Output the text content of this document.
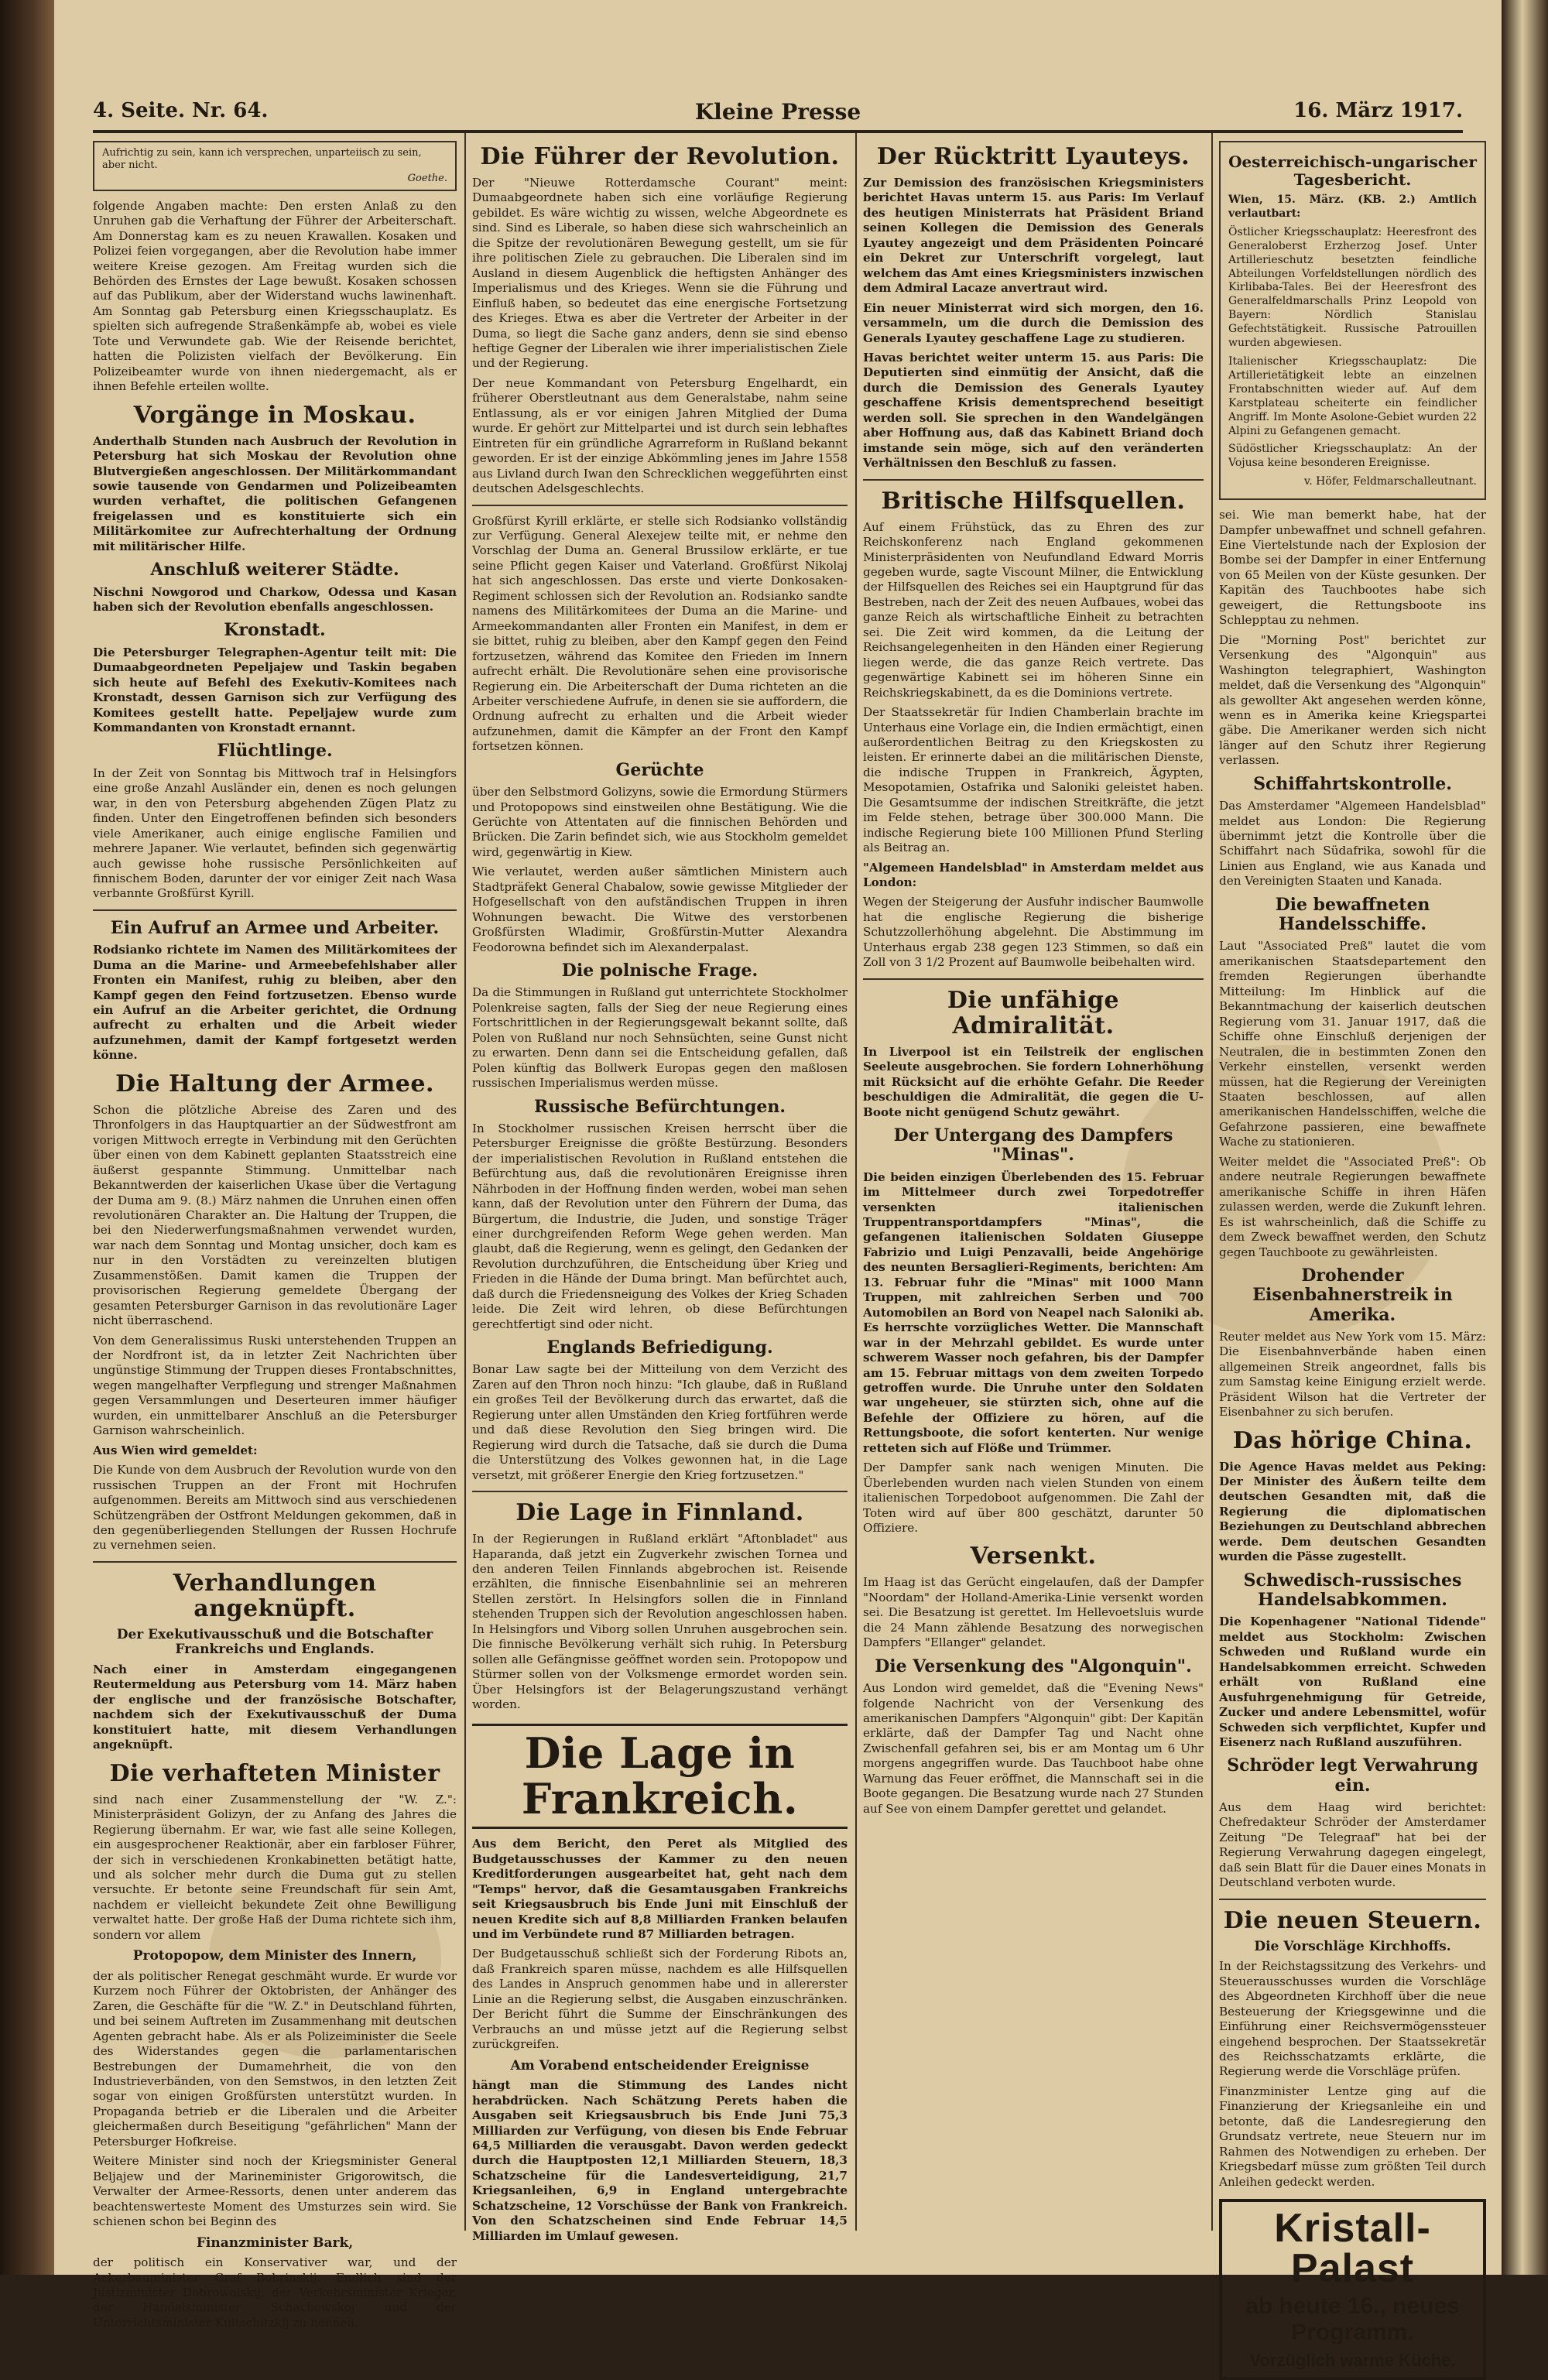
4. Seite. Nr. 64.	Kleine Presse	16. März 1917.
Aufrichtig zu sein, kann ich versprechen, unparteiisch zu sein, aber nicht.
Goethe.

folgende Angaben machte: Den ersten Anlaß zu den Unruhen gab die Verhaftung der Führer der Arbeiterschaft. Am Donnerstag kam es zu neuen Krawallen. Kosaken und Polizei feien vorgegangen, aber die Revolution habe immer weitere Kreise gezogen. Am Freitag wurden sich die Behörden des Ernstes der Lage bewußt. Kosaken schossen auf das Publikum, aber der Widerstand wuchs lawinenhaft. Am Sonntag gab Petersburg einen Kriegsschauplatz. Es spielten sich aufregende Straßenkämpfe ab, wobei es viele Tote und Verwundete gab. Wie der Reisende berichtet, hatten die Polizisten vielfach der Bevölkerung. Ein Polizeibeamter wurde von ihnen niedergemacht, als er ihnen Befehle erteilen wollte.

Vorgänge in Moskau.

Anderthalb Stunden nach Ausbruch der Revolution in Petersburg hat sich Moskau der Revolution ohne Blutvergießen angeschlossen. Der Militärkommandant sowie tausende von Gendarmen und Polizeibeamten wurden verhaftet, die politischen Gefangenen freigelassen und es konstituierte sich ein Militärkomitee zur Aufrechterhaltung der Ordnung mit militärischer Hilfe.

Anschluß weiterer Städte.

Nischni Nowgorod und Charkow, Odessa und Kasan haben sich der Revolution ebenfalls angeschlossen.

Kronstadt.

Die Petersburger Telegraphen-Agentur teilt mit: Die Dumaabgeordneten Pepeljajew und Taskin begaben sich heute auf Befehl des Exekutiv-Komitees nach Kronstadt, dessen Garnison sich zur Verfügung des Komitees gestellt hatte. Pepeljajew wurde zum Kommandanten von Kronstadt ernannt.

Flüchtlinge.

In der Zeit von Sonntag bis Mittwoch traf in Helsingfors eine große Anzahl Ausländer ein, denen es noch gelungen war, in den von Petersburg abgehenden Zügen Platz zu finden. Unter den Eingetroffenen befinden sich besonders viele Amerikaner, auch einige englische Familien und mehrere Japaner. Wie verlautet, befinden sich gegenwärtig auch gewisse hohe russische Persönlichkeiten auf finnischem Boden, darunter der vor einiger Zeit nach Wasa verbannte Großfürst Kyrill.

Ein Aufruf an Armee und Arbeiter.

Rodsianko richtete im Namen des Militärkomitees der Duma an die Marine- und Armeebefehlshaber aller Fronten ein Manifest, ruhig zu bleiben, aber den Kampf gegen den Feind fortzusetzen. Ebenso wurde ein Aufruf an die Arbeiter gerichtet, die Ordnung aufrecht zu erhalten und die Arbeit wieder aufzunehmen, damit der Kampf fortgesetzt werden könne.

Die Haltung der Armee.

Schon die plötzliche Abreise des Zaren und des Thronfolgers in das Hauptquartier an der Südwestfront am vorigen Mittwoch erregte in Verbindung mit den Gerüchten über einen von dem Kabinett geplanten Staatsstreich eine äußerst gespannte Stimmung. Unmittelbar nach Bekanntwerden der kaiserlichen Ukase über die Vertagung der Duma am 9. (8.) März nahmen die Unruhen einen offen revolutionären Charakter an. Die Haltung der Truppen, die bei den Niederwerfungsmaßnahmen verwendet wurden, war nach dem Sonntag und Montag unsicher, doch kam es nur in den Vorstädten zu vereinzelten blutigen Zusammenstößen. Damit kamen die Truppen der provisorischen Regierung gemeldete Übergang der gesamten Petersburger Garnison in das revolutionäre Lager nicht überraschend.

Von dem Generalissimus Ruski unterstehenden Truppen an der Nordfront ist, da in letzter Zeit Nachrichten über ungünstige Stimmung der Truppen dieses Frontabschnittes, wegen mangelhafter Verpflegung und strenger Maßnahmen gegen Versammlungen und Deserteuren immer häufiger wurden, ein unmittelbarer Anschluß an die Petersburger Garnison wahrscheinlich.

Aus Wien wird gemeldet:

Die Kunde von dem Ausbruch der Revolution wurde von den russischen Truppen an der Front mit Hochrufen aufgenommen. Bereits am Mittwoch sind aus verschiedenen Schützengräben der Ostfront Meldungen gekommen, daß in den gegenüberliegenden Stellungen der Russen Hochrufe zu vernehmen seien.

Verhandlungen angeknüpft.
Der Exekutivausschuß und die Botschafter Frankreichs und Englands.

Nach einer in Amsterdam eingegangenen Reutermeldung aus Petersburg vom 14. März haben der englische und der französische Botschafter, nachdem sich der Exekutivausschuß der Duma konstituiert hatte, mit diesem Verhandlungen angeknüpft.

Die verhafteten Minister

sind nach einer Zusammenstellung der "W. Z.": Ministerpräsident Golizyn, der zu Anfang des Jahres die Regierung übernahm. Er war, wie fast alle seine Kollegen, ein ausgesprochener Reaktionär, aber ein farbloser Führer, der sich in verschiedenen Kronkabinetten betätigt hatte, und als solcher mehr durch die Duma gut zu stellen versuchte. Er betonte seine Freundschaft für sein Amt, nachdem er vielleicht bekundete Zeit ohne Bewilligung verwaltet hatte. Der große Haß der Duma richtete sich ihm, sondern vor allem

Protopopow, dem Minister des Innern,

der als politischer Renegat geschmäht wurde. Er wurde vor Kurzem noch Führer der Oktobristen, der Anhänger des Zaren, die Geschäfte für die "W. Z." in Deutschland führten, und bei seinem Auftreten im Zusammenhang mit deutschen Agenten gebracht habe. Als er als Polizeiminister die Seele des Widerstandes gegen die parlamentarischen Bestrebungen der Dumamehrheit, die von den Industrieverbänden, von den Semstwos, in den letzten Zeit sogar von einigen Großfürsten unterstützt wurden. In Propaganda betrieb er die Liberalen und die Arbeiter gleichermaßen durch Beseitigung "gefährlichen" Mann der Petersburger Hofkreise.

Weitere Minister sind noch der Kriegsminister General Beljajew und der Marineminister Grigorowitsch, die Verwalter der Armee-Ressorts, denen unter anderem das beachtenswerteste Moment des Umsturzes sein wird. Sie schienen schon bei Beginn des

Finanzminister Bark,

der politisch ein Konservativer war, und der Ackerbauminister Graf Bobrinskij. Endlich sind der Justizminister Dobrowolskij, der Verkehrsminister Krieger, der Handelsminister Schachowskoj und der Unterrichtsminister Kultschitzkij zu nennen.

Die Führer der Revolution.

Der "Nieuwe Rotterdamsche Courant" meint: Dumaabgeordnete haben sich eine vorläufige Regierung gebildet. Es wäre wichtig zu wissen, welche Abgeordnete es sind. Sind es Liberale, so haben diese sich wahrscheinlich an die Spitze der revolutionären Bewegung gestellt, um sie für ihre politischen Ziele zu gebrauchen. Die Liberalen sind im Ausland in diesem Augenblick die heftigsten Anhänger des Imperialismus und des Krieges. Wenn sie die Führung und Einfluß haben, so bedeutet das eine energische Fortsetzung des Krieges. Etwa es aber die Vertreter der Arbeiter in der Duma, so liegt die Sache ganz anders, denn sie sind ebenso heftige Gegner der Liberalen wie ihrer imperialistischen Ziele und der Regierung.

Der neue Kommandant von Petersburg Engelhardt, ein früherer Oberstleutnant aus dem Generalstabe, nahm seine Entlassung, als er vor einigen Jahren Mitglied der Duma wurde. Er gehört zur Mittelpartei und ist durch sein lebhaftes Eintreten für ein gründliche Agrarreform in Rußland bekannt geworden. Er ist der einzige Abkömmling jenes im Jahre 1558 aus Livland durch Iwan den Schrecklichen weggeführten einst deutschen Adelsgeschlechts.

Großfürst Kyrill erklärte, er stelle sich Rodsianko vollständig zur Verfügung. General Alexejew teilte mit, er nehme den Vorschlag der Duma an. General Brussilow erklärte, er tue seine Pflicht gegen Kaiser und Vaterland. Großfürst Nikolaj hat sich angeschlossen. Das erste und vierte Donkosaken-Regiment schlossen sich der Revolution an. Rodsianko sandte namens des Militärkomitees der Duma an die Marine- und Armeekommandanten aller Fronten ein Manifest, in dem er sie bittet, ruhig zu bleiben, aber den Kampf gegen den Feind fortzusetzen, während das Komitee den Frieden im Innern aufrecht erhält. Die Revolutionäre sehen eine provisorische Regierung ein. Die Arbeiterschaft der Duma richteten an die Arbeiter verschiedene Aufrufe, in denen sie sie auffordern, die Ordnung aufrecht zu erhalten und die Arbeit wieder aufzunehmen, damit die Kämpfer an der Front den Kampf fortsetzen können.

Gerüchte

über den Selbstmord Golizyns, sowie die Ermordung Stürmers und Protopopows sind einstweilen ohne Bestätigung. Wie die Gerüchte von Attentaten auf die finnischen Behörden und Brücken. Die Zarin befindet sich, wie aus Stockholm gemeldet wird, gegenwärtig in Kiew.

Wie verlautet, werden außer sämtlichen Ministern auch Stadtpräfekt General Chabalow, sowie gewisse Mitglieder der Hofgesellschaft von den aufständischen Truppen in ihren Wohnungen bewacht. Die Witwe des verstorbenen Großfürsten Wladimir, Großfürstin-Mutter Alexandra Feodorowna befindet sich im Alexanderpalast.

Die polnische Frage.

Da die Stimmungen in Rußland gut unterrichtete Stockholmer Polenkreise sagten, falls der Sieg der neue Regierung eines Fortschrittlichen in der Regierungsgewalt bekannt sollte, daß Polen von Rußland nur noch Sehnsüchten, seine Gunst nicht zu erwarten. Denn dann sei die Entscheidung gefallen, daß Polen künftig das Bollwerk Europas gegen den maßlosen russischen Imperialismus werden müsse.

Russische Befürchtungen.

In Stockholmer russischen Kreisen herrscht über die Petersburger Ereignisse die größte Bestürzung. Besonders der imperialistischen Revolution in Rußland entstehen die Befürchtung aus, daß die revolutionären Ereignisse ihren Nährboden in der Hoffnung finden werden, wobei man sehen kann, daß der Revolution unter den Führern der Duma, das Bürgertum, die Industrie, die Juden, und sonstige Träger einer durchgreifenden Reform Wege gehen werden. Man glaubt, daß die Regierung, wenn es gelingt, den Gedanken der Revolution durchzuführen, die Entscheidung über Krieg und Frieden in die Hände der Duma bringt. Man befürchtet auch, daß durch die Friedensneigung des Volkes der Krieg Schaden leide. Die Zeit wird lehren, ob diese Befürchtungen gerechtfertigt sind oder nicht.

Englands Befriedigung.

Bonar Law sagte bei der Mitteilung von dem Verzicht des Zaren auf den Thron noch hinzu: "Ich glaube, daß in Rußland ein großes Teil der Bevölkerung durch das erwartet, daß die Regierung unter allen Umständen den Krieg fortführen werde und daß diese Revolution den Sieg bringen wird. Die Regierung wird durch die Tatsache, daß sie durch die Duma die Unterstützung des Volkes gewonnen hat, in die Lage versetzt, mit größerer Energie den Krieg fortzusetzen."

Die Lage in Finnland.

In der Regierungen in Rußland erklärt "Aftonbladet" aus Haparanda, daß jetzt ein Zugverkehr zwischen Tornea und den anderen Teilen Finnlands abgebrochen ist. Reisende erzählten, die finnische Eisenbahnlinie sei an mehreren Stellen zerstört. In Helsingfors sollen die in Finnland stehenden Truppen sich der Revolution angeschlossen haben. In Helsingfors und Viborg sollen Unruhen ausgebrochen sein. Die finnische Bevölkerung verhält sich ruhig. In Petersburg sollen alle Gefängnisse geöffnet worden sein. Protopopow und Stürmer sollen von der Volksmenge ermordet worden sein. Über Helsingfors ist der Belagerungszustand verhängt worden.

Die Lage in Frankreich.

Aus dem Bericht, den Peret als Mitglied des Budgetausschusses der Kammer zu den neuen Kreditforderungen ausgearbeitet hat, geht nach dem "Temps" hervor, daß die Gesamtausgaben Frankreichs seit Kriegsausbruch bis Ende Juni mit Einschluß der neuen Kredite sich auf 8,8 Milliarden Franken belaufen und im Verbündete rund 87 Milliarden betragen.

Der Budgetausschuß schließt sich der Forderung Ribots an, daß Frankreich sparen müsse, nachdem es alle Hilfsquellen des Landes in Anspruch genommen habe und in allererster Linie an die Regierung selbst, die Ausgaben einzuschränken. Der Bericht führt die Summe der Einschränkungen des Verbrauchs an und müsse jetzt auf die Regierung selbst zurückgreifen.

Am Vorabend entscheidender Ereignisse

hängt man die Stimmung des Landes nicht herabdrücken. Nach Schätzung Perets haben die Ausgaben seit Kriegsausbruch bis Ende Juni 75,3 Milliarden zur Verfügung, von diesen bis Ende Februar 64,5 Milliarden die verausgabt. Davon werden gedeckt durch die Hauptposten 12,1 Milliarden Steuern, 18,3 Schatzscheine für die Landesverteidigung, 21,7 Kriegsanleihen, 6,9 in England untergebrachte Schatzscheine, 12 Vorschüsse der Bank von Frankreich. Von den Schatzscheinen sind Ende Februar 14,5 Milliarden im Umlauf gewesen.

Der Rücktritt Lyauteys.

Zur Demission des französischen Kriegsministers berichtet Havas unterm 15. aus Paris: Im Verlauf des heutigen Ministerrats hat Präsident Briand seinen Kollegen die Demission des Generals Lyautey angezeigt und dem Präsidenten Poincaré ein Dekret zur Unterschrift vorgelegt, laut welchem das Amt eines Kriegsministers inzwischen dem Admiral Lacaze anvertraut wird.

Ein neuer Ministerrat wird sich morgen, den 16. versammeln, um die durch die Demission des Generals Lyautey geschaffene Lage zu studieren.

Havas berichtet weiter unterm 15. aus Paris: Die Deputierten sind einmütig der Ansicht, daß die durch die Demission des Generals Lyautey geschaffene Krisis dementsprechend beseitigt werden soll. Sie sprechen in den Wandelgängen aber Hoffnung aus, daß das Kabinett Briand doch imstande sein möge, sich auf den veränderten Verhältnissen den Beschluß zu fassen.

Britische Hilfsquellen.

Auf einem Frühstück, das zu Ehren des zur Reichskonferenz nach England gekommenen Ministerpräsidenten von Neufundland Edward Morris gegeben wurde, sagte Viscount Milner, die Entwicklung der Hilfsquellen des Reiches sei ein Hauptgrund für das Bestreben, nach der Zeit des neuen Aufbaues, wobei das ganze Reich als wirtschaftliche Einheit zu betrachten sei. Die Zeit wird kommen, da die Leitung der Reichsangelegenheiten in den Händen einer Regierung liegen werde, die das ganze Reich vertrete. Das gegenwärtige Kabinett sei im höheren Sinne ein Reichskriegskabinett, da es die Dominions vertrete.

Der Staatssekretär für Indien Chamberlain brachte im Unterhaus eine Vorlage ein, die Indien ermächtigt, einen außerordentlichen Beitrag zu den Kriegskosten zu leisten. Er erinnerte dabei an die militärischen Dienste, die indische Truppen in Frankreich, Ägypten, Mesopotamien, Ostafrika und Saloniki geleistet haben. Die Gesamtsumme der indischen Streitkräfte, die jetzt im Felde stehen, betrage über 300.000 Mann. Die indische Regierung biete 100 Millionen Pfund Sterling als Beitrag an.

"Algemeen Handelsblad" in Amsterdam meldet aus London:

Wegen der Steigerung der Ausfuhr indischer Baumwolle hat die englische Regierung die bisherige Schutzzollerhöhung abgelehnt. Die Abstimmung im Unterhaus ergab 238 gegen 123 Stimmen, so daß ein Zoll von 3 1/2 Prozent auf Baumwolle beibehalten wird.

Die unfähige Admiralität.

In Liverpool ist ein Teilstreik der englischen Seeleute ausgebrochen. Sie fordern Lohnerhöhung mit Rücksicht auf die erhöhte Gefahr. Die Reeder beschuldigen die Admiralität, die gegen die U-Boote nicht genügend Schutz gewährt.

Der Untergang des Dampfers "Minas".

Die beiden einzigen Überlebenden des 15. Februar im Mittelmeer durch zwei Torpedotreffer versenkten italienischen Truppentransportdampfers "Minas", die gefangenen italienischen Soldaten Giuseppe Fabrizio und Luigi Penzavalli, beide Angehörige des neunten Bersaglieri-Regiments, berichten: Am 13. Februar fuhr die "Minas" mit 1000 Mann Truppen, mit zahlreichen Serben und 700 Automobilen an Bord von Neapel nach Saloniki ab. Es herrschte vorzügliches Wetter. Die Mannschaft war in der Mehrzahl gebildet. Es wurde unter schwerem Wasser noch gefahren, bis der Dampfer am 15. Februar mittags von dem zweiten Torpedo getroffen wurde. Die Unruhe unter den Soldaten war ungeheuer, sie stürzten sich, ohne auf die Befehle der Offiziere zu hören, auf die Rettungsboote, die sofort kenterten. Nur wenige retteten sich auf Flöße und Trümmer.

Der Dampfer sank nach wenigen Minuten. Die Überlebenden wurden nach vielen Stunden von einem italienischen Torpedoboot aufgenommen. Die Zahl der Toten wird auf über 800 geschätzt, darunter 50 Offiziere.

Versenkt.

Im Haag ist das Gerücht eingelaufen, daß der Dampfer "Noordam" der Holland-Amerika-Linie versenkt worden sei. Die Besatzung ist gerettet. Im Hellevoetsluis wurde die 24 Mann zählende Besatzung des norwegischen Dampfers "Ellanger" gelandet.

Die Versenkung des "Algonquin".

Aus London wird gemeldet, daß die "Evening News" folgende Nachricht von der Versenkung des amerikanischen Dampfers "Algonquin" gibt: Der Kapitän erklärte, daß der Dampfer Tag und Nacht ohne Zwischenfall gefahren sei, bis er am Montag um 6 Uhr morgens angegriffen wurde. Das Tauchboot habe ohne Warnung das Feuer eröffnet, die Mannschaft sei in die Boote gegangen. Die Besatzung wurde nach 27 Stunden auf See von einem Dampfer gerettet und gelandet.

Oesterreichisch-ungarischer Tagesbericht.

Wien, 15. März. (KB. 2.) Amtlich verlautbart:

Östlicher Kriegsschauplatz: Heeresfront des Generaloberst Erzherzog Josef. Unter Artillerieschutz besetzten feindliche Abteilungen Vorfeldstellungen nördlich des Kirlibaba-Tales. Bei der Heeresfront des Generalfeldmarschalls Prinz Leopold von Bayern: Nördlich Stanislau Gefechtstätigkeit. Russische Patrouillen wurden abgewiesen.

Italienischer Kriegsschauplatz: Die Artillerietätigkeit lebte an einzelnen Frontabschnitten wieder auf. Auf dem Karstplateau scheiterte ein feindlicher Angriff. Im Monte Asolone-Gebiet wurden 22 Alpini zu Gefangenen gemacht.

Südöstlicher Kriegsschauplatz: An der Vojusa keine besonderen Ereignisse.

v. Höfer, Feldmarschalleutnant.

sei. Wie man bemerkt habe, hat der Dampfer unbewaffnet und schnell gefahren. Eine Viertelstunde nach der Explosion der Bombe sei der Dampfer in einer Entfernung von 65 Meilen von der Küste gesunken. Der Kapitän des Tauchbootes habe sich geweigert, die Rettungsboote ins Schlepptau zu nehmen.

Die "Morning Post" berichtet zur Versenkung des "Algonquin" aus Washington telegraphiert, Washington meldet, daß die Versenkung des "Algonquin" als gewollter Akt angesehen werden könne, wenn es in Amerika keine Kriegspartei gäbe. Die Amerikaner werden sich nicht länger auf den Schutz ihrer Regierung verlassen.

Schiffahrtskontrolle.

Das Amsterdamer "Algemeen Handelsblad" meldet aus London: Die Regierung übernimmt jetzt die Kontrolle über die Schiffahrt nach Südafrika, sowohl für die Linien aus England, wie aus Kanada und den Vereinigten Staaten und Kanada.

Die bewaffneten Handelsschiffe.

Laut "Associated Preß" lautet die vom amerikanischen Staatsdepartement den fremden Regierungen überhandte Mitteilung: Im Hinblick auf die Bekanntmachung der kaiserlich deutschen Regierung vom 31. Januar 1917, daß die Schiffe ohne Einschluß derjenigen der Neutralen, die in bestimmten Zonen den Verkehr einstellen, versenkt werden müssen, hat die Regierung der Vereinigten Staaten beschlossen, auf allen amerikanischen Handelsschiffen, welche die Gefahrzone passieren, eine bewaffnete Wache zu stationieren.

Weiter meldet die "Associated Preß": Ob andere neutrale Regierungen bewaffnete amerikanische Schiffe in ihren Häfen zulassen werden, werde die Zukunft lehren. Es ist wahrscheinlich, daß die Schiffe zu dem Zweck bewaffnet werden, den Schutz gegen Tauchboote zu gewährleisten.

Drohender Eisenbahnerstreik in Amerika.

Reuter meldet aus New York vom 15. März: Die Eisenbahnverbände haben einen allgemeinen Streik angeordnet, falls bis zum Samstag keine Einigung erzielt werde. Präsident Wilson hat die Vertreter der Eisenbahner zu sich berufen.

Das hörige China.

Die Agence Havas meldet aus Peking: Der Minister des Äußern teilte dem deutschen Gesandten mit, daß die Regierung die diplomatischen Beziehungen zu Deutschland abbrechen werde. Dem deutschen Gesandten wurden die Pässe zugestellt.

Schwedisch-russisches Handelsabkommen.

Die Kopenhagener "National Tidende" meldet aus Stockholm: Zwischen Schweden und Rußland wurde ein Handelsabkommen erreicht. Schweden erhält von Rußland eine Ausfuhrgenehmigung für Getreide, Zucker und andere Lebensmittel, wofür Schweden sich verpflichtet, Kupfer und Eisenerz nach Rußland auszuführen.

Schröder legt Verwahrung ein.

Aus dem Haag wird berichtet: Chefredakteur Schröder der Amsterdamer Zeitung "De Telegraaf" hat bei der Regierung Verwahrung dagegen eingelegt, daß sein Blatt für die Dauer eines Monats in Deutschland verboten wurde.

Die neuen Steuern.
Die Vorschläge Kirchhoffs.

In der Reichstagssitzung des Verkehrs- und Steuerausschusses wurden die Vorschläge des Abgeordneten Kirchhoff über die neue Besteuerung der Kriegsgewinne und die Einführung einer Reichsvermögenssteuer eingehend besprochen. Der Staatssekretär des Reichsschatzamts erklärte, die Regierung werde die Vorschläge prüfen.

Finanzminister Lentze ging auf die Finanzierung der Kriegsanleihe ein und betonte, daß die Landesregierung den Grundsatz vertrete, neue Steuern nur im Rahmen des Notwendigen zu erheben. Der Kriegsbedarf müsse zum größten Teil durch Anleihen gedeckt werden.

Kristall-Palast
ab heute 16., neues Programm.
Vorzüglich warme Küche.
